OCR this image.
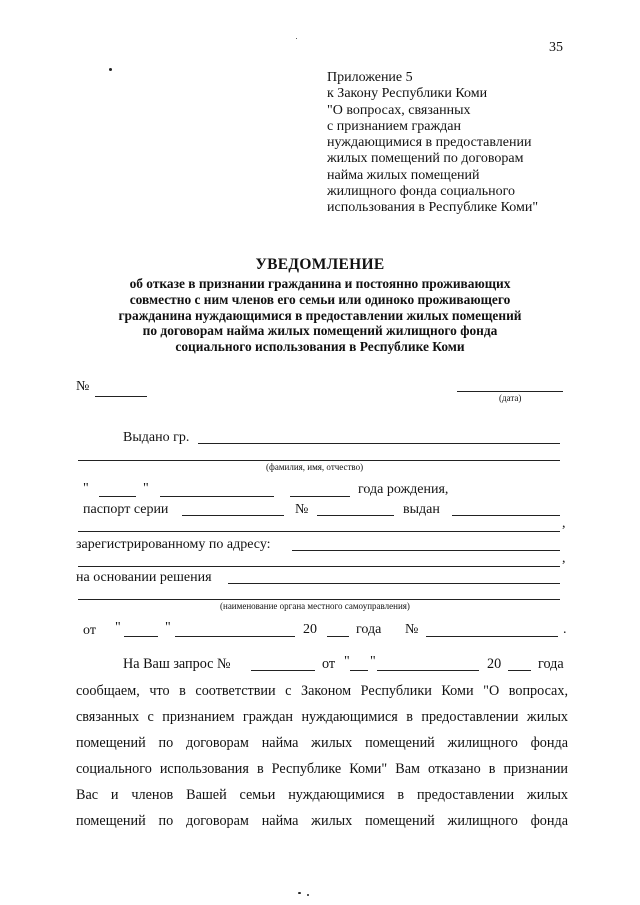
35
Приложение 5
к Закону Республики Коми
"О вопросах, связанных
с признанием граждан
нуждающимися в предоставлении
жилых помещений по договорам
найма жилых помещений
жилищного фонда социального
использования в Республике Коми"
УВЕДОМЛЕНИЕ
об отказе в признании гражданина и постоянно проживающих
совместно с ним членов его семьи или одиноко проживающего
гражданина нуждающимися в предоставлении жилых помещений
по договорам найма жилых помещений жилищного фонда
социального использования в Республике Коми
№
(дата)
Выдано гр.
(фамилия, имя, отчество)
"	"	года рождения,
паспорт серии	№	выдан
,
зарегистрированному по адресу:
,
на основании решения
(наименование органа местного самоуправления)
от "	"	20	года №	.
На Ваш запрос №	от " "	20	года
сообщаем, что в соответствии с Законом Республики Коми "О вопросах,
связанных с признанием граждан нуждающимися в предоставлении жилых
помещений по договорам найма жилых помещений жилищного фонда
социального использования в Республике Коми" Вам отказано в признании
Вас и членов Вашей семьи нуждающимися в предоставлении жилых
помещений по договорам найма жилых помещений жилищного фонда
